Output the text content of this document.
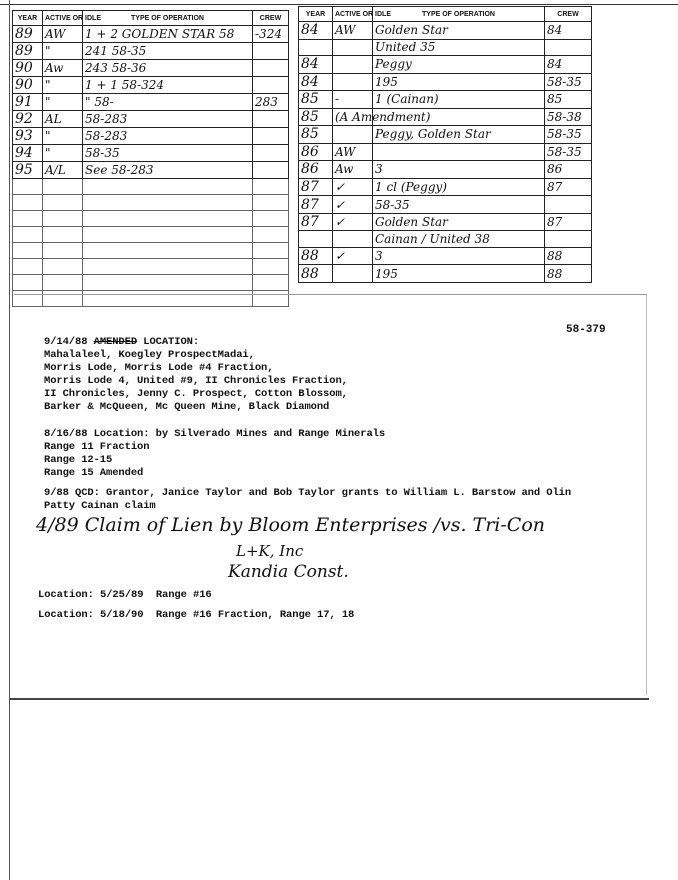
YEAR	ACTIVE OR IDLE	TYPE OF OPERATION	CREW
89	AW	1 + 2 GOLDEN STAR 58	-324
89	"	241 58-35	
90	Aw	243 58-36	
90	"	1 + 1 58-324	
91	"	" 58-	283
92	AL	58-283	
93	"	58-283	
94	"	58-35	
95	A/L	See 58-283	

YEAR	ACTIVE OR IDLE	TYPE OF OPERATION	CREW
84	AW	Golden Star	84
		United 35	
84		Peggy	84
84		195	58-35
85	-	1 (Cainan)	85
85	(A Amendment)		58-38
85		Peggy, Golden Star	58-35
86	AW		58-35
86	Aw	3	86
87	✓	1 cl (Peggy)	87
87	✓	58-35	
87	✓	Golden Star	87
		Cainan / United 38	
88	✓	3	88
88		195	88
58-379
9/14/88 AMENDED LOCATION:
Mahalaleel, Koegley ProspectMadai,
Morris Lode, Morris Lode #4 Fraction,
Morris Lode 4, United #9, II Chronicles Fraction,
II Chronicles, Jenny C. Prospect, Cotton Blossom,
Barker & McQueen, Mc Queen Mine, Black Diamond
8/16/88 Location: by Silverado Mines and Range Minerals
Range 11 Fraction
Range 12-15
Range 15 Amended
9/88 QCD: Grantor, Janice Taylor and Bob Taylor grants to William L. Barstow and Olin
Patty Cainan claim
4/89 Claim of Lien by Bloom Enterprises /vs. Tri-Con
L+K, Inc
Kandia Const.
Location: 5/25/89  Range #16
Location: 5/18/90  Range #16 Fraction, Range 17, 18
